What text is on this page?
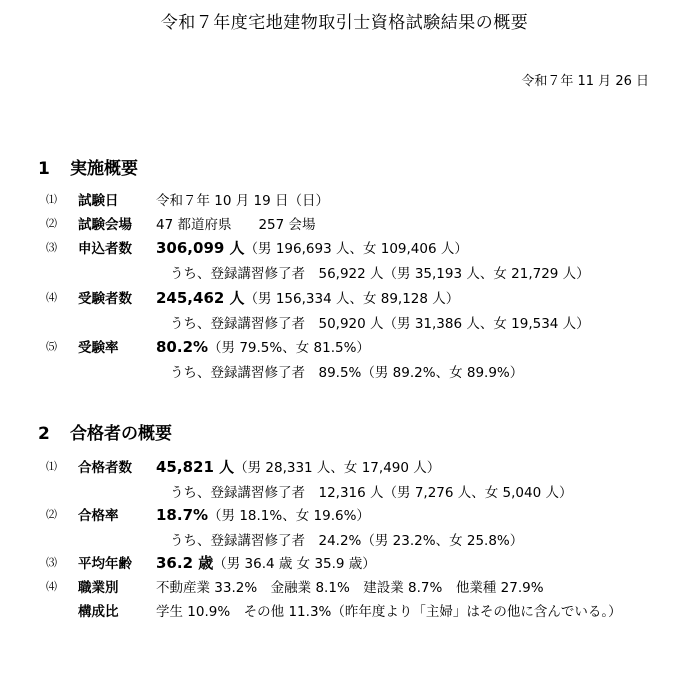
令和７年度宅地建物取引士資格試験結果の概要
令和７年 11 月 26 日
1 実施概要
⑴ 試験日	令和７年 10 月 19 日（日）
⑵ 試験会場 47 都道府県　　257 会場
⑶ 申込者数 306,099 人（男 196,693 人、女 109,406 人）
うち、登録講習修了者　56,922 人（男 35,193 人、女 21,729 人）
⑷ 受験者数 245,462 人（男 156,334 人、女 89,128 人）
うち、登録講習修了者　50,920 人（男 31,386 人、女 19,534 人）
⑸ 受験率	80.2%（男 79.5%、女 81.5%）
うち、登録講習修了者　89.5%（男 89.2%、女 89.9%）
2 合格者の概要
⑴ 合格者数 45,821 人（男 28,331 人、女 17,490 人）
うち、登録講習修了者　12,316 人（男 7,276 人、女 5,040 人）
⑵ 合格率	18.7%（男 18.1%、女 19.6%）
うち、登録講習修了者　24.2%（男 23.2%、女 25.8%）
⑶ 平均年齢 36.2 歳（男 36.4 歳 女 35.9 歳）
⑷ 職業別	不動産業 33.2%　金融業 8.1%　建設業 8.7%　他業種 27.9%
構成比	学生 10.9%　その他 11.3%（昨年度より「主婦」はその他に含んでいる。）
